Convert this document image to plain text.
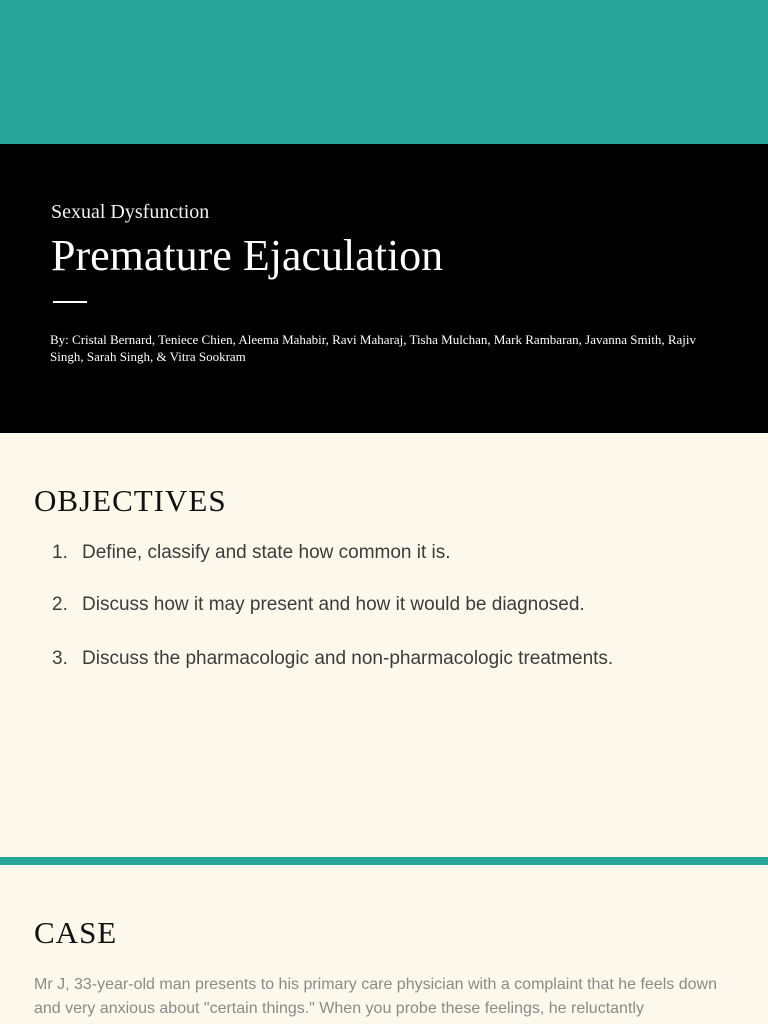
Sexual Dysfunction
Premature Ejaculation

By: Cristal Bernard, Teniece Chien, Aleema Mahabir, Ravi Maharaj, Tisha Mulchan, Mark Rambaran, Javanna Smith, Rajiv Singh, Sarah Singh, & Vitra Sookram

OBJECTIVES
1. Define, classify and state how common it is.
2. Discuss how it may present and how it would be diagnosed.
3. Discuss the pharmacologic and non-pharmacologic treatments.
CASE

Mr J, 33-year-old man presents to his primary care physician with a complaint that he feels down and very anxious about "certain things." When you probe these feelings, he reluctantly
